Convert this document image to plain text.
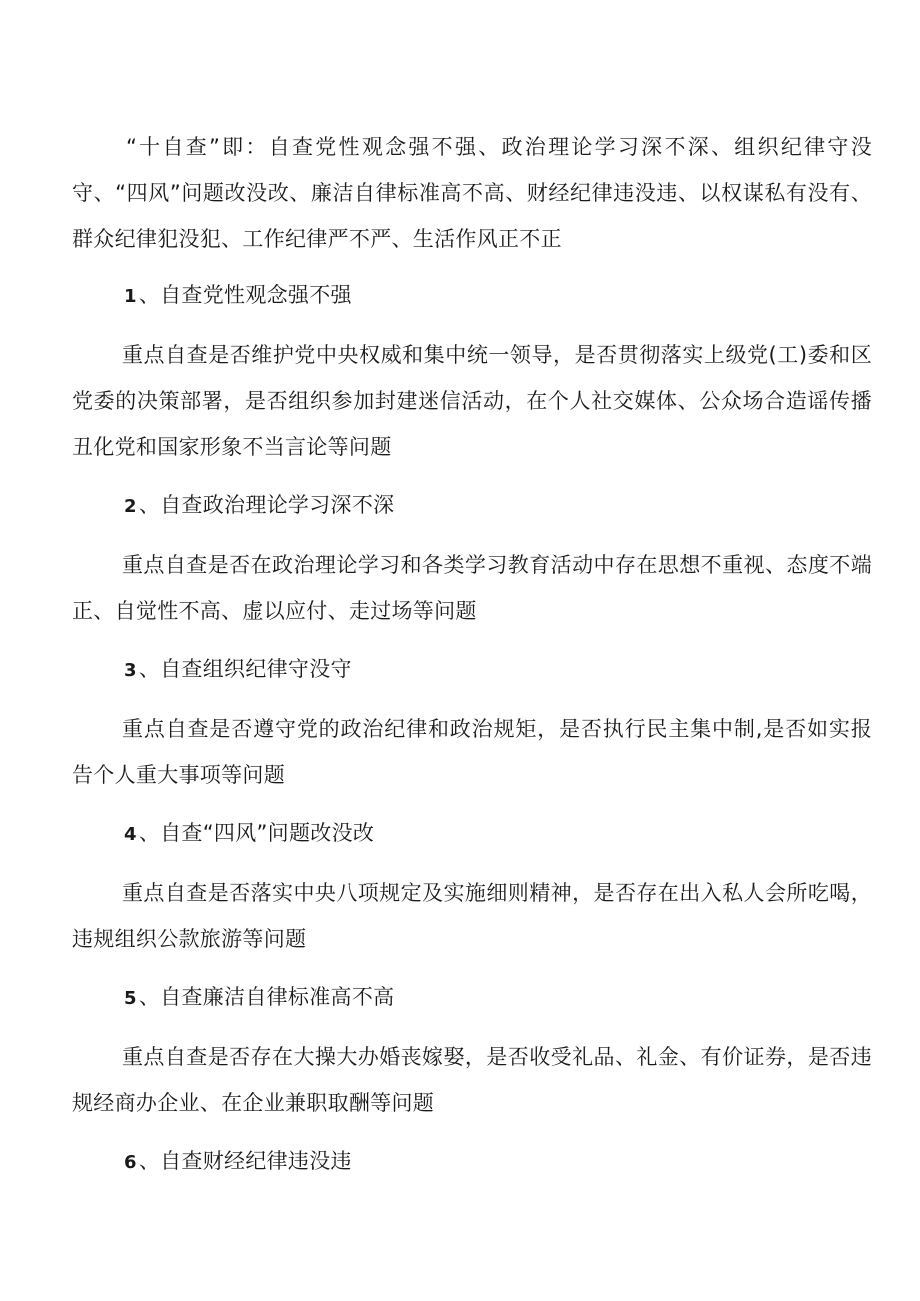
“十自查”即：自查党性观念强不强、政治理论学习深不深、组织纪律守没守、“四风”问题改没改、廉洁自律标准高不高、财经纪律违没违、以权谋私有没有、群众纪律犯没犯、工作纪律严不严、生活作风正不正

1、自查党性观念强不强

重点自查是否维护党中央权威和集中统一领导，是否贯彻落实上级党(工)委和区党委的决策部署，是否组织参加封建迷信活动，在个人社交媒体、公众场合造谣传播丑化党和国家形象不当言论等问题

2、自查政治理论学习深不深

重点自查是否在政治理论学习和各类学习教育活动中存在思想不重视、态度不端正、自觉性不高、虚以应付、走过场等问题

3、自查组织纪律守没守

重点自查是否遵守党的政治纪律和政治规矩，是否执行民主集中制,是否如实报告个人重大事项等问题

4、自查“四风”问题改没改

重点自查是否落实中央八项规定及实施细则精神，是否存在出入私人会所吃喝，违规组织公款旅游等问题

5、自查廉洁自律标准高不高

重点自查是否存在大操大办婚丧嫁娶，是否收受礼品、礼金、有价证券，是否违规经商办企业、在企业兼职取酬等问题

6、自查财经纪律违没违
